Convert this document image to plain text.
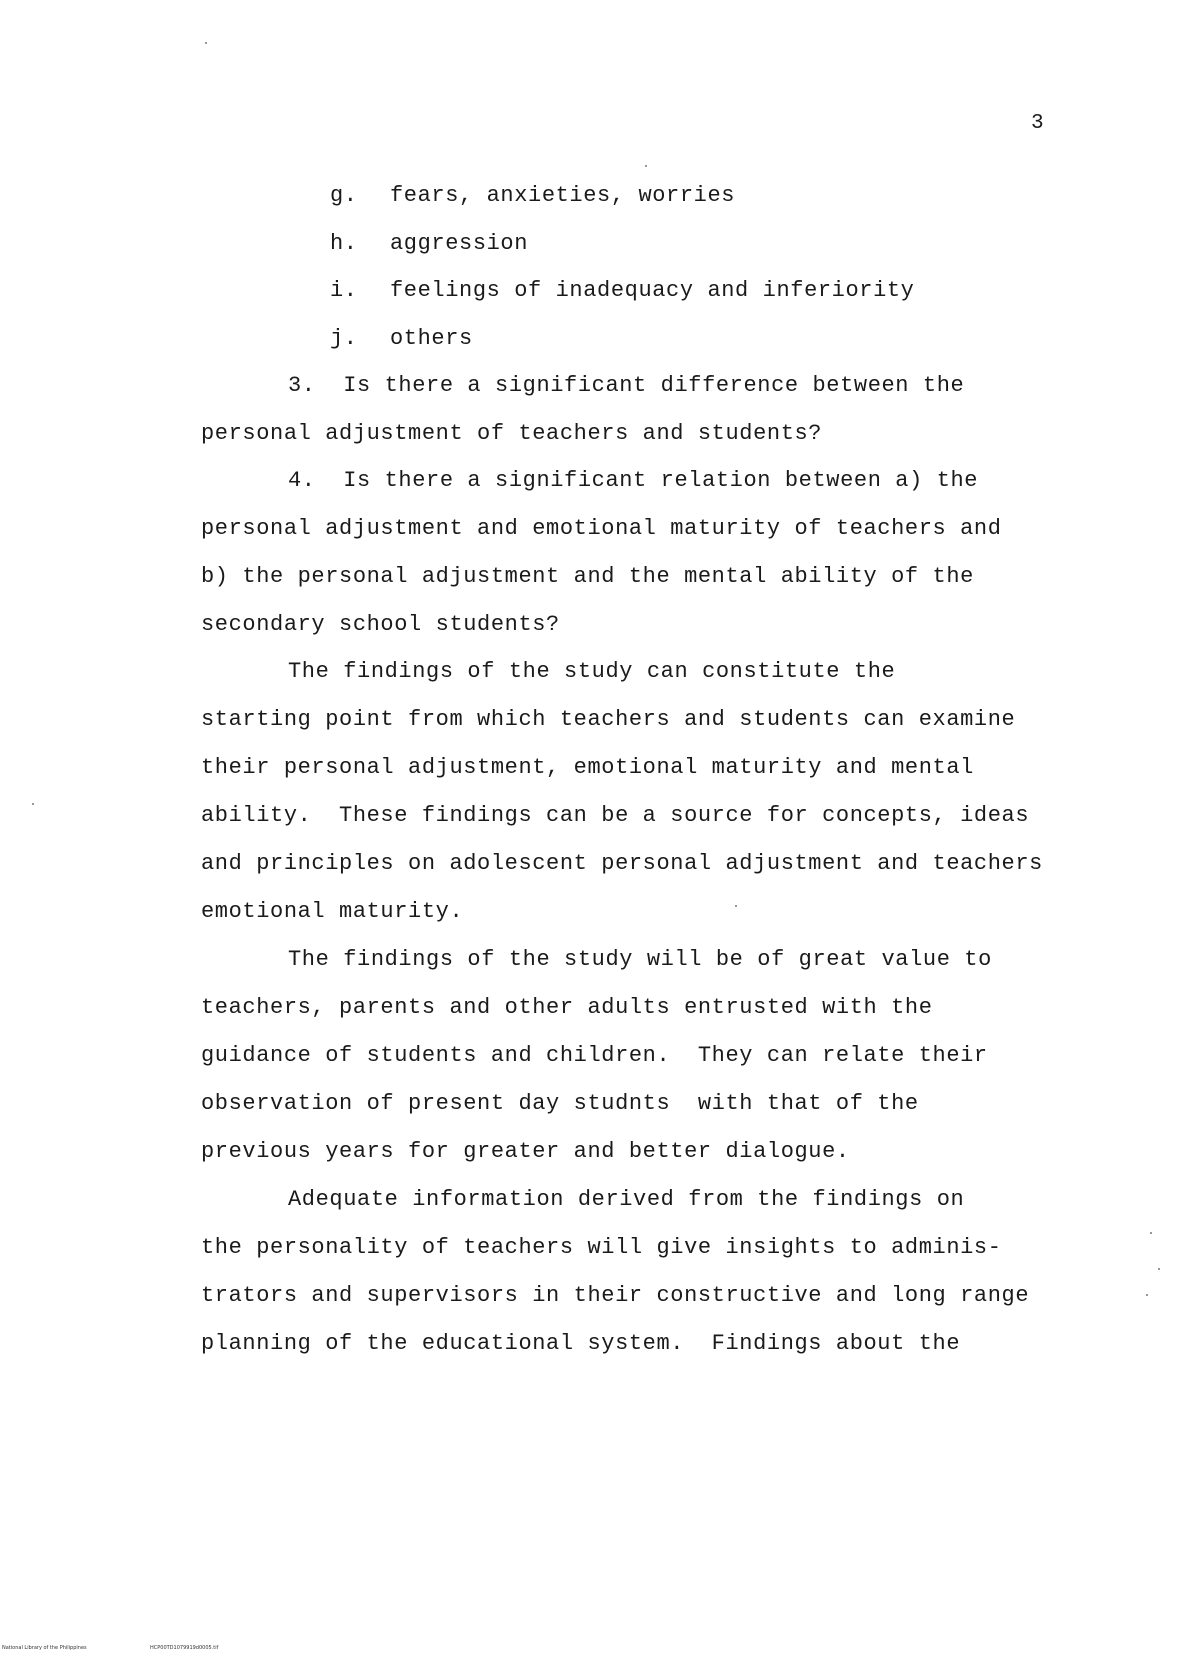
3
g. fears, anxieties, worries
h. aggression
i. feelings of inadequacy and inferiority
j. others
3.  Is there a significant difference between the
personal adjustment of teachers and students?
4.  Is there a significant relation between a) the
personal adjustment and emotional maturity of teachers and
b) the personal adjustment and the mental ability of the
secondary school students?
The findings of the study can constitute the
starting point from which teachers and students can examine
their personal adjustment, emotional maturity and mental
ability.  These findings can be a source for concepts, ideas
and principles on adolescent personal adjustment and teachers
emotional maturity.
The findings of the study will be of great value to
teachers, parents and other adults entrusted with the
guidance of students and children.  They can relate their
observation of present day studnts  with that of the
previous years for greater and better dialogue.
Adequate information derived from the findings on
the personality of teachers will give insights to adminis-
trators and supervisors in their constructive and long range
planning of the educational system.  Findings about the
National Library of the Philippines	HCP00TD1079919d0005.tif
